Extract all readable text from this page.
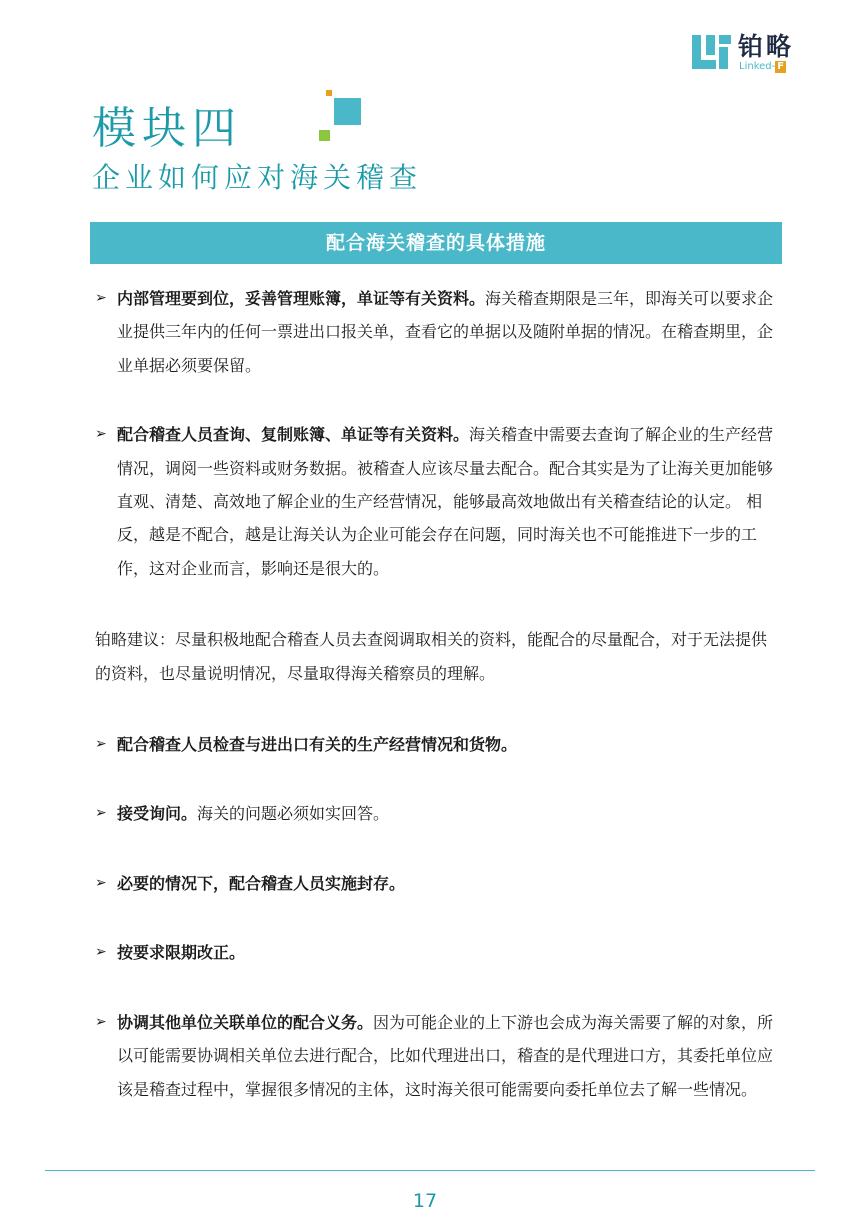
铂略
Linked- F
模块四
企业如何应对海关稽查
配合海关稽查的具体措施
➢ 内部管理要到位，妥善管理账簿，单证等有关资料。海关稽查期限是三年，即海关可以要求企业提供三年内的任何一票进出口报关单，查看它的单据以及随附单据的情况。在稽查期里，企业单据必须要保留。
➢ 配合稽查人员查询、复制账簿、单证等有关资料。海关稽查中需要去查询了解企业的生产经营情况，调阅一些资料或财务数据。被稽查人应该尽量去配合。配合其实是为了让海关更加能够直观、清楚、高效地了解企业的生产经营情况，能够最高效地做出有关稽查结论的认定。 相反，越是不配合，越是让海关认为企业可能会存在问题，同时海关也不可能推进下一步的工作，这对企业而言，影响还是很大的。
铂略建议：尽量积极地配合稽查人员去查阅调取相关的资料，能配合的尽量配合，对于无法提供的资料，也尽量说明情况，尽量取得海关稽察员的理解。
➢ 配合稽查人员检查与进出口有关的生产经营情况和货物。
➢ 接受询问。海关的问题必须如实回答。
➢ 必要的情况下，配合稽查人员实施封存。
➢ 按要求限期改正。
➢ 协调其他单位关联单位的配合义务。因为可能企业的上下游也会成为海关需要了解的对象，所以可能需要协调相关单位去进行配合，比如代理进出口，稽查的是代理进口方，其委托单位应该是稽查过程中，掌握很多情况的主体，这时海关很可能需要向委托单位去了解一些情况。
17
